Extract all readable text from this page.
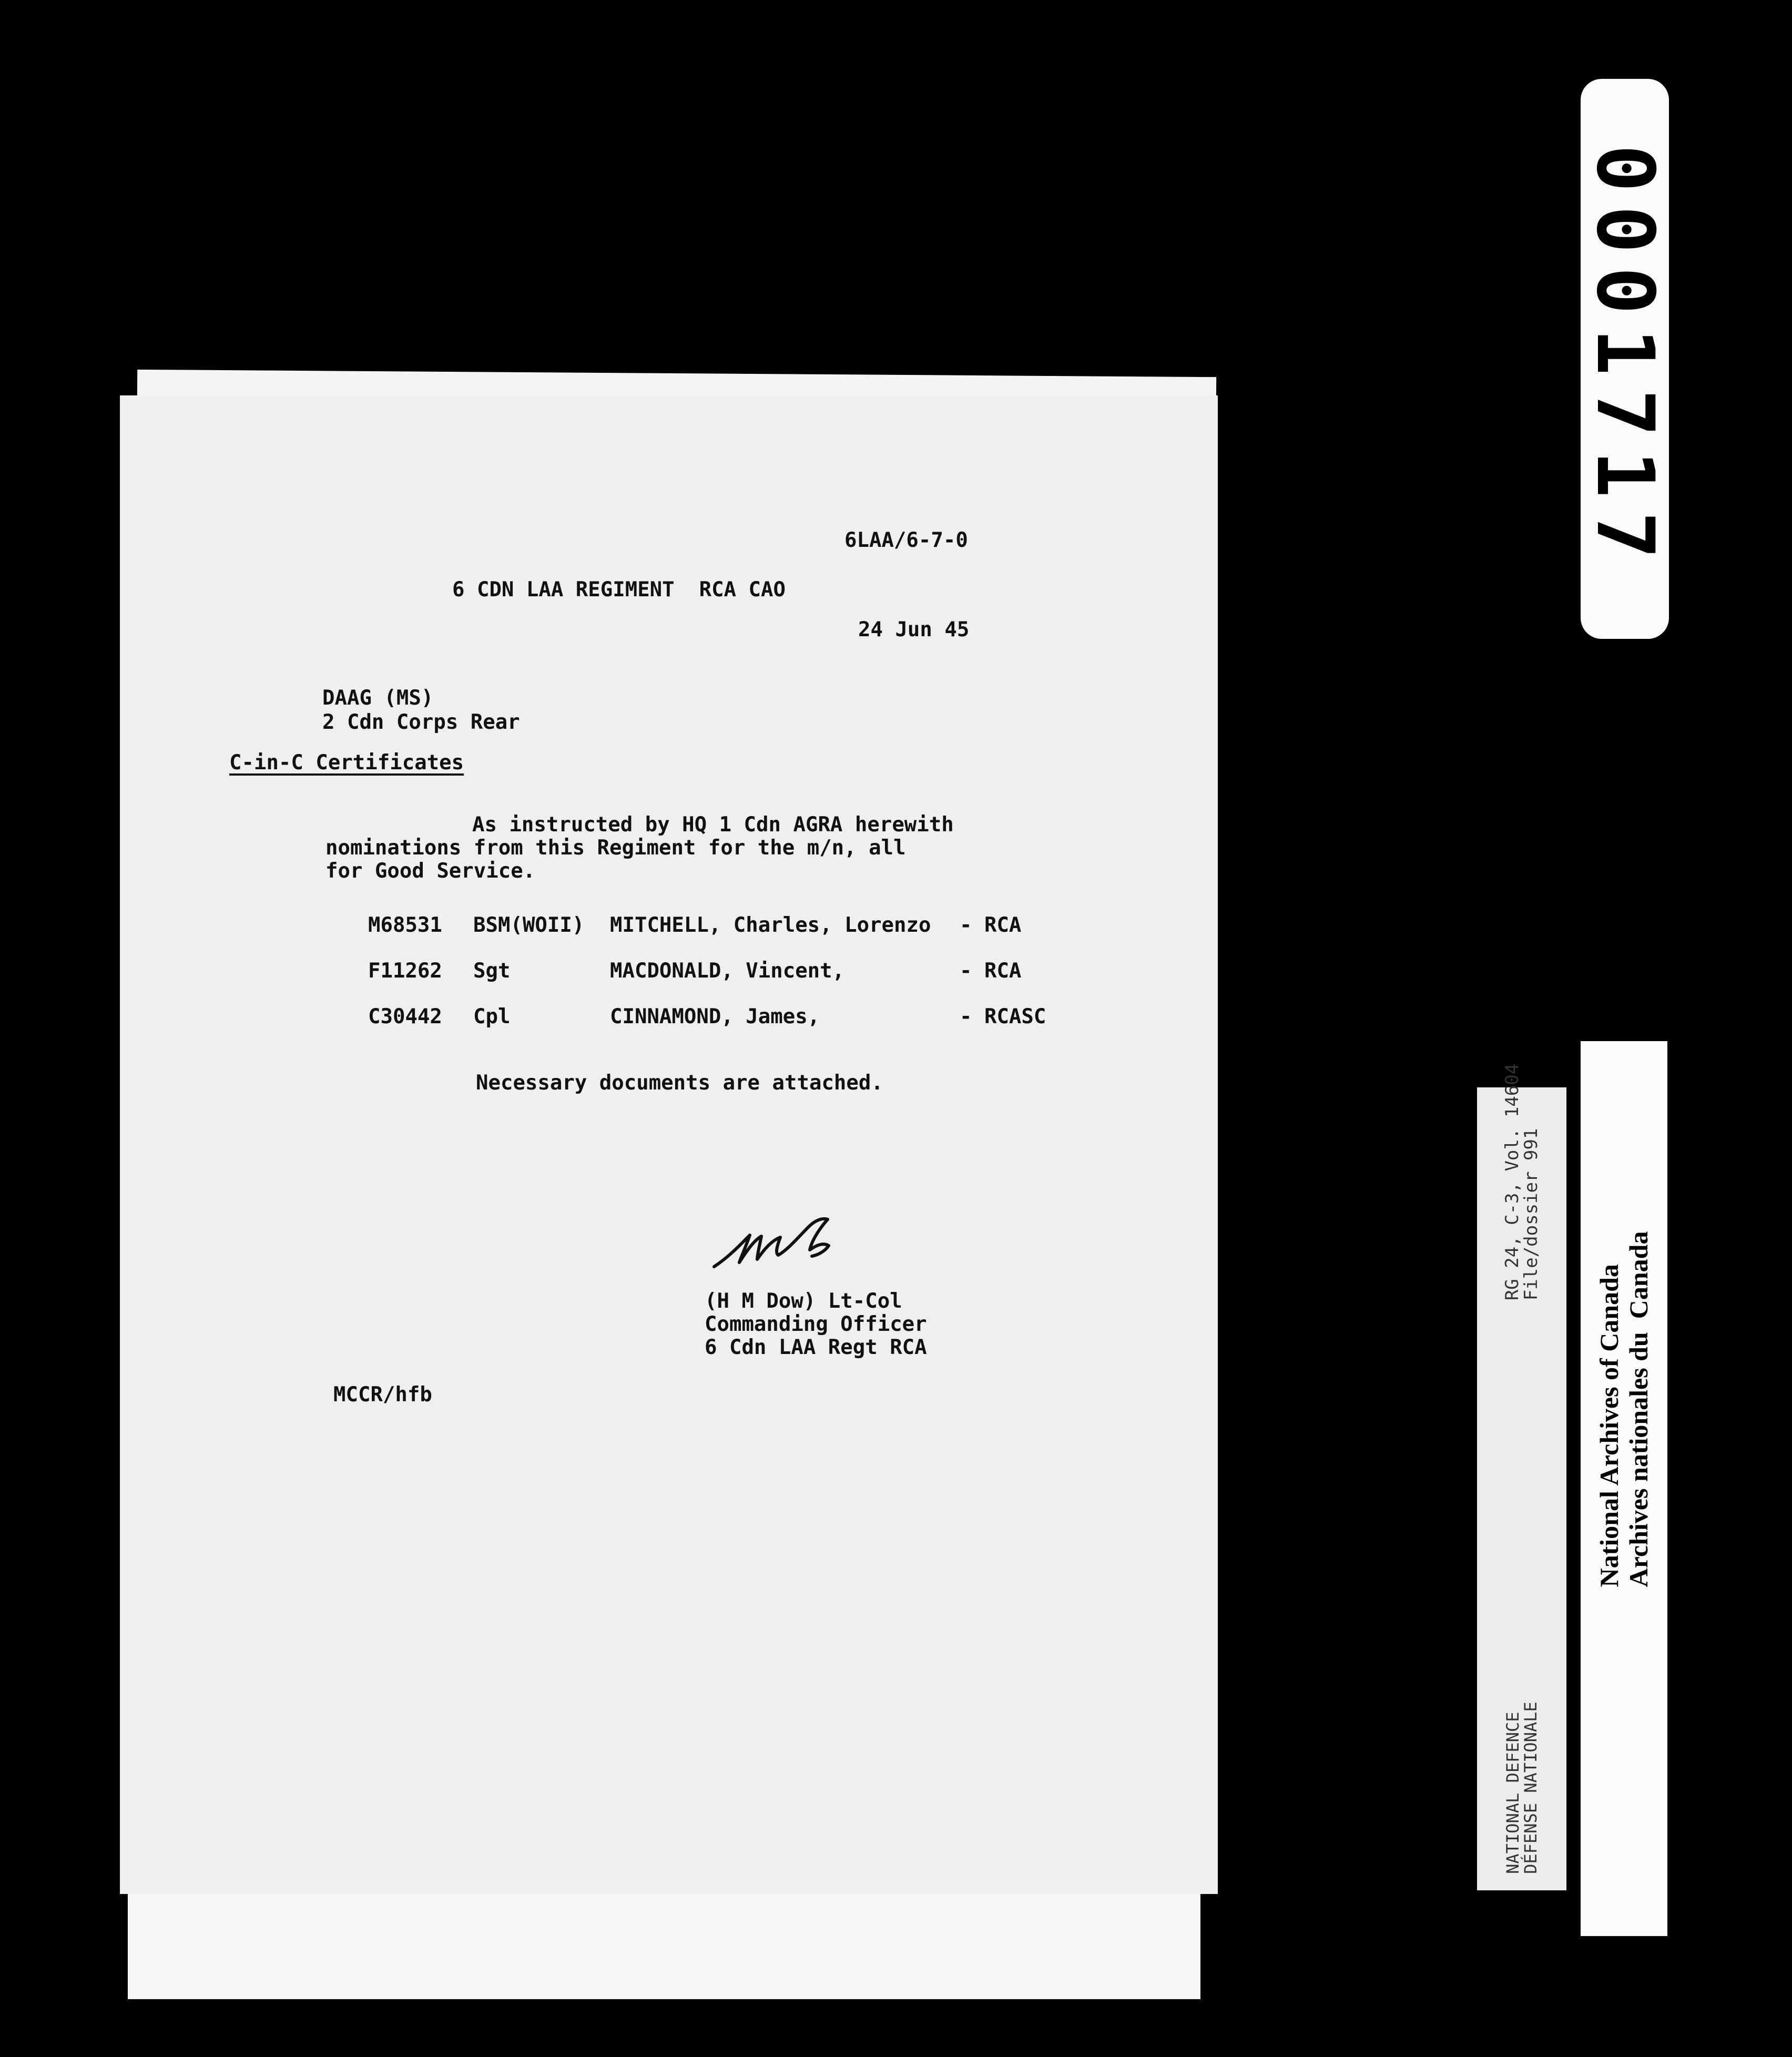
6LAA/6-7-0
6 CDN LAA REGIMENT  RCA CAO
24 Jun 45
DAAG (MS)
2 Cdn Corps Rear
C-in-C Certificates
As instructed by HQ 1 Cdn AGRA herewith
nominations from this Regiment for the m/n, all
for Good Service.
M68531 BSM(WOII) MITCHELL, Charles, Lorenzo - RCA
F11262 Sgt	MACDONALD, Vincent,	- RCA
C30442 Cpl	CINNAMOND, James,	- RCASC
Necessary documents are attached.
(H M Dow) Lt-Col
Commanding Officer
6 Cdn LAA Regt RCA
MCCR/hfb
0001717
RG 24, C-3, Vol. 14604
File/dossier 991
NATIONAL DEFENCE
DÉFENSE NATIONALE
National Archives of Canada
Archives nationales du  Canada
